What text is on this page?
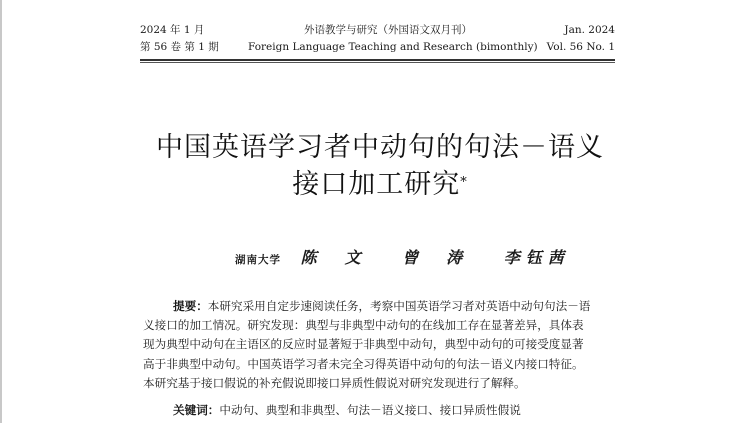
2024 年 1 月
第 56 卷 第 1 期
外语教学与研究（外国语文双月刊）
Foreign Language Teaching and Research (bimonthly)
Jan. 2024
Vol. 56 No. 1
中国英语学习者中动句的句法－语义
接口加工研究*
湖南大学 陈　文 曾　涛 李钰茜
提要：本研究采用自定步速阅读任务，考察中国英语学习者对英语中动句句法－语
义接口的加工情况。研究发现：典型与非典型中动句的在线加工存在显著差异，具体表
现为典型中动句在主语区的反应时显著短于非典型中动句，典型中动句的可接受度显著
高于非典型中动句。中国英语学习者未完全习得英语中动句的句法－语义内接口特征。
本研究基于接口假说的补充假说即接口异质性假说对研究发现进行了解释。
关键词：中动句、典型和非典型、句法－语义接口、接口异质性假说
